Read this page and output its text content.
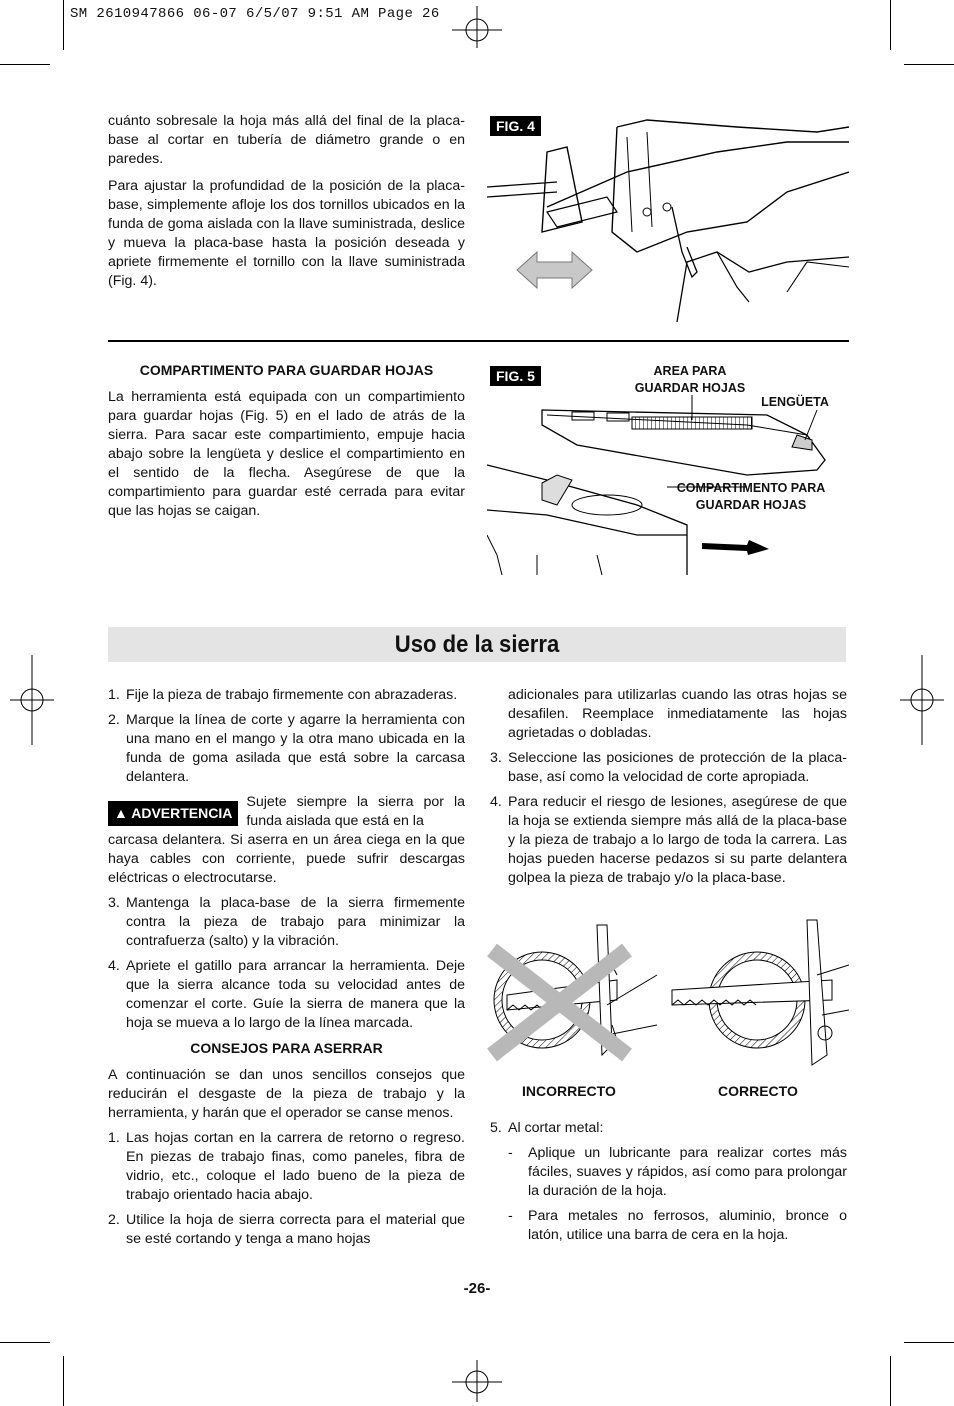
SM 2610947866 06-07 6/5/07 9:51 AM Page 26

cuánto sobresale la hoja más allá del final de la placa-base al cortar en tubería de diámetro grande o en paredes.

Para ajustar la profundidad de la posición de la placa-base, simplemente afloje los dos tornillos ubicados en la funda de goma aislada con la llave suministrada, deslice y mueva la placa-base hasta la posición deseada y apriete firmemente el tornillo con la llave suministrada (Fig. 4).

FIG. 4

COMPARTIMENTO PARA GUARDAR HOJAS

La herramienta está equipada con un compartimiento para guardar hojas (Fig. 5) en el lado de atrás de la sierra. Para sacar este compartimiento, empuje hacia abajo sobre la lengüeta y deslice el compartimiento en el sentido de la flecha. Asegúrese de que la compartimiento para guardar esté cerrada para evitar que las hojas se caigan.

FIG. 5	AREA PARA
GUARDAR HOJAS
LENGÜETA
COMPARTIMENTO PARA
GUARDAR HOJAS
Uso de la sierra
1. Fije la pieza de trabajo firmemente con abrazaderas.
2. Marque la línea de corte y agarre la herramienta con una mano en el mango y la otra mano ubicada en la funda de goma asilada que está sobre la carcasa delantera.
▲ ADVERTENCIA
Sujete siempre la sierra por la funda aislada que está en la
carcasa delantera. Si aserra en un área ciega en la que haya cables con corriente, puede sufrir descargas eléctricas o electrocutarse.
3. Mantenga la placa-base de la sierra firmemente contra la pieza de trabajo para minimizar la contrafuerza (salto) y la vibración.
4. Apriete el gatillo para arrancar la herramienta. Deje que la sierra alcance toda su velocidad antes de comenzar el corte. Guíe la sierra de manera que la hoja se mueva a lo largo de la línea marcada.

CONSEJOS PARA ASERRAR

A continuación se dan unos sencillos consejos que reducirán el desgaste de la pieza de trabajo y la herramienta, y harán que el operador se canse menos.

1. Las hojas cortan en la carrera de retorno o regreso. En piezas de trabajo finas, como paneles, fibra de vidrio, etc., coloque el lado bueno de la pieza de trabajo orientado hacia abajo.
2. Utilice la hoja de sierra correcta para el material que se esté cortando y tenga a mano hojas
adicionales para utilizarlas cuando las otras hojas se desafilen. Reemplace inmediatamente las hojas agrietadas o dobladas.
3. Seleccione las posiciones de protección de la placa-base, así como la velocidad de corte apropiada.
4. Para reducir el riesgo de lesiones, asegúrese de que la hoja se extienda siempre más allá de la placa-base y la pieza de trabajo a lo largo de toda la carrera. Las hojas pueden hacerse pedazos si su parte delantera golpea la pieza de trabajo y/o la placa-base.
INCORRECTO	CORRECTO
5. Al cortar metal:
-	Aplique un lubricante para realizar cortes más fáciles, suaves y rápidos, así como para prolongar la duración de la hoja.
-	Para metales no ferrosos, aluminio, bronce o latón, utilice una barra de cera en la hoja.
-26-
